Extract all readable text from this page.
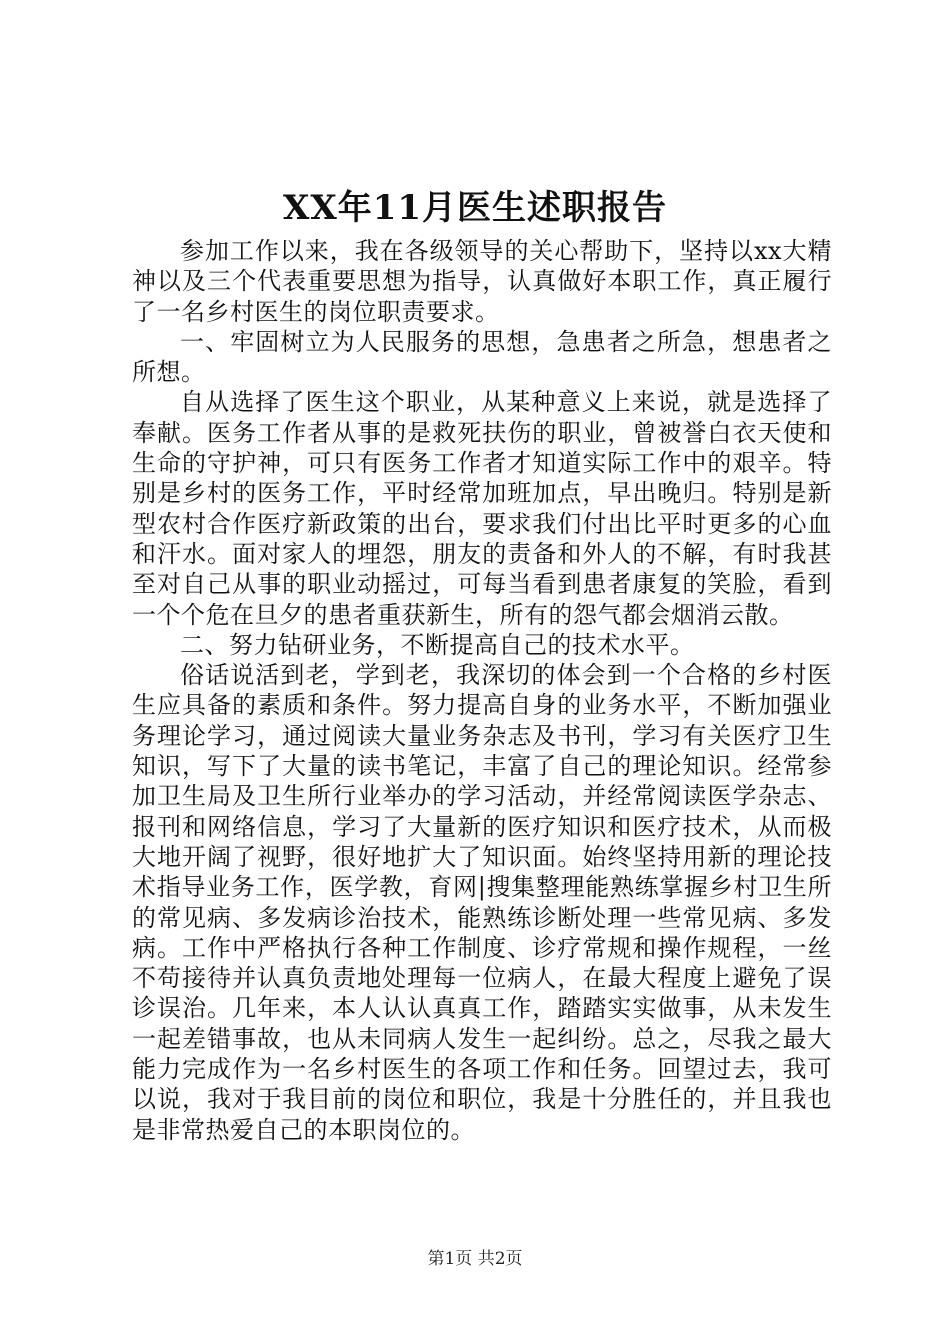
XX年11月医生述职报告

参加工作以来，我在各级领导的关心帮助下，坚持以xx大精神以及三个代表重要思想为指导，认真做好本职工作，真正履行了一名乡村医生的岗位职责要求。

一、牢固树立为人民服务的思想，急患者之所急，想患者之所想。

自从选择了医生这个职业，从某种意义上来说，就是选择了奉献。医务工作者从事的是救死扶伤的职业，曾被誉白衣天使和生命的守护神，可只有医务工作者才知道实际工作中的艰辛。特别是乡村的医务工作，平时经常加班加点，早出晚归。特别是新型农村合作医疗新政策的出台，要求我们付出比平时更多的心血和汗水。面对家人的埋怨，朋友的责备和外人的不解，有时我甚至对自己从事的职业动摇过，可每当看到患者康复的笑脸，看到一个个危在旦夕的患者重获新生，所有的怨气都会烟消云散。

二、努力钻研业务，不断提高自己的技术水平。

俗话说活到老，学到老，我深切的体会到一个合格的乡村医生应具备的素质和条件。努力提高自身的业务水平，不断加强业务理论学习，通过阅读大量业务杂志及书刊，学习有关医疗卫生知识，写下了大量的读书笔记，丰富了自己的理论知识。经常参加卫生局及卫生所行业举办的学习活动，并经常阅读医学杂志、报刊和网络信息，学习了大量新的医疗知识和医疗技术，从而极大地开阔了视野，很好地扩大了知识面。始终坚持用新的理论技术指导业务工作，医学教，育网|搜集整理能熟练掌握乡村卫生所的常见病、多发病诊治技术，能熟练诊断处理一些常见病、多发病。工作中严格执行各种工作制度、诊疗常规和操作规程，一丝不苟接待并认真负责地处理每一位病人，在最大程度上避免了误诊误治。几年来，本人认认真真工作，踏踏实实做事，从未发生一起差错事故，也从未同病人发生一起纠纷。总之，尽我之最大能力完成作为一名乡村医生的各项工作和任务。回望过去，我可以说，我对于我目前的岗位和职位，我是十分胜任的，并且我也是非常热爱自己的本职岗位的。

第1页 共2页
